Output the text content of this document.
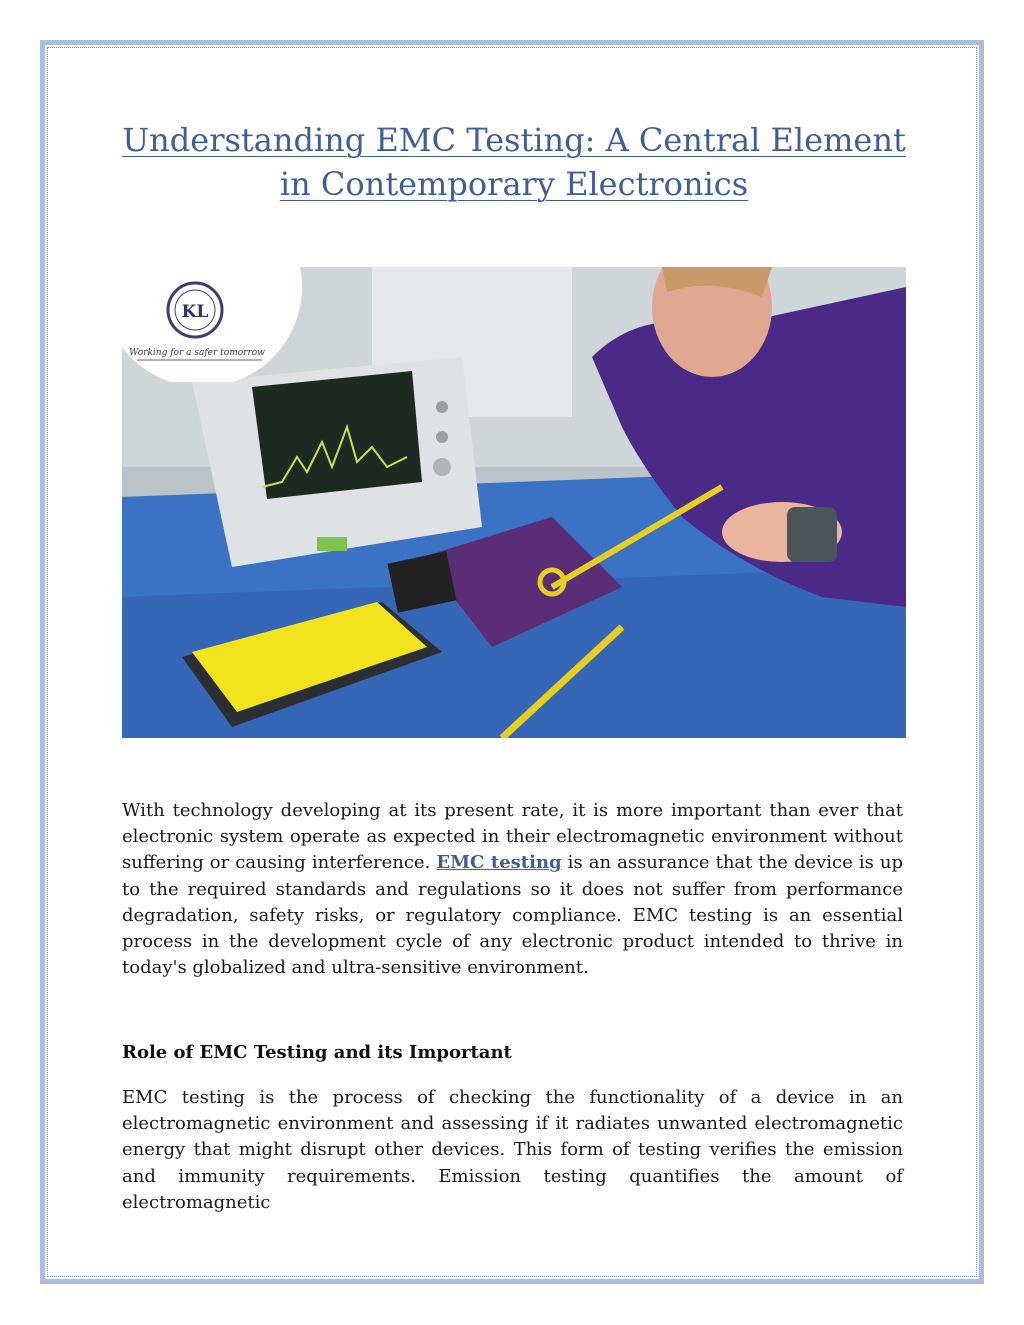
Understanding EMC Testing: A Central Element in Contemporary Electronics
KL
Working for a safer tomorrow

With technology developing at its present rate, it is more important than ever that electronic system operate as expected in their electromagnetic environment without suffering or causing interference. EMC testing is an assurance that the device is up to the required standards and regulations so it does not suffer from performance degradation, safety risks, or regulatory compliance. EMC testing is an essential process in the development cycle of any electronic product intended to thrive in today's globalized and ultra-sensitive environment.

Role of EMC Testing and its Important

EMC testing is the process of checking the functionality of a device in an electromagnetic environment and assessing if it radiates unwanted electromagnetic energy that might disrupt other devices. This form of testing verifies the emission and immunity requirements. Emission testing quantifies the amount of electromagnetic
